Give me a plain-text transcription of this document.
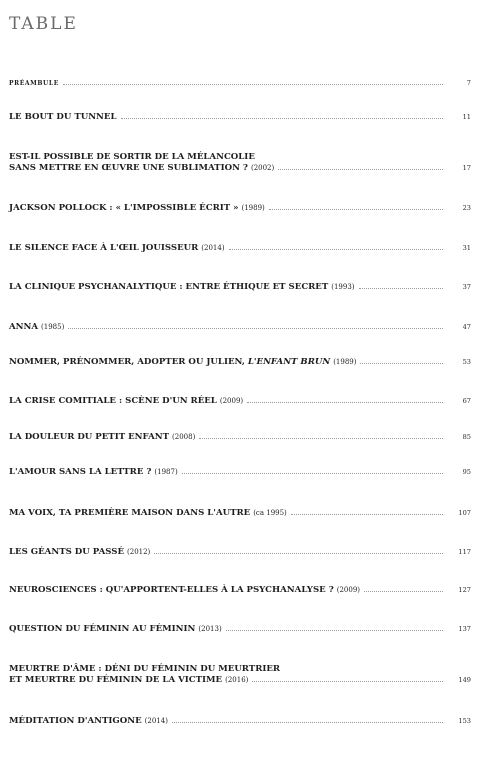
TABLE
PRÉAMBULE	7
LE BOUT DU TUNNEL	11
EST-IL POSSIBLE DE SORTIR DE LA MÉLANCOLIE
SANS METTRE EN ŒUVRE UNE SUBLIMATION ? (2002)	17
JACKSON POLLOCK : « L'IMPOSSIBLE ÉCRIT » (1989)	23
LE SILENCE FACE À L'ŒIL JOUISSEUR (2014)	31
LA CLINIQUE PSYCHANALYTIQUE : ENTRE ÉTHIQUE ET SECRET (1993)	37
ANNA (1985)	47
NOMMER, PRÉNOMMER, ADOPTER OU JULIEN, L'ENFANT BRUN (1989)	53
LA CRISE COMITIALE : SCÈNE D'UN RÉEL (2009)	67
LA DOULEUR DU PETIT ENFANT (2008)	85
L'AMOUR SANS LA LETTRE ? (1987)	95
MA VOIX, TA PREMIÈRE MAISON DANS L'AUTRE (ca 1995)	107
LES GÉANTS DU PASSÉ (2012)	117
NEUROSCIENCES : QU'APPORTENT-ELLES À LA PSYCHANALYSE ? (2009)	127
QUESTION DU FÉMININ AU FÉMININ (2013)	137
MEURTRE D'ÂME : DÉNI DU FÉMININ DU MEURTRIER
ET MEURTRE DU FÉMININ DE LA VICTIME (2016)	149
MÉDITATION D'ANTIGONE (2014)	153
